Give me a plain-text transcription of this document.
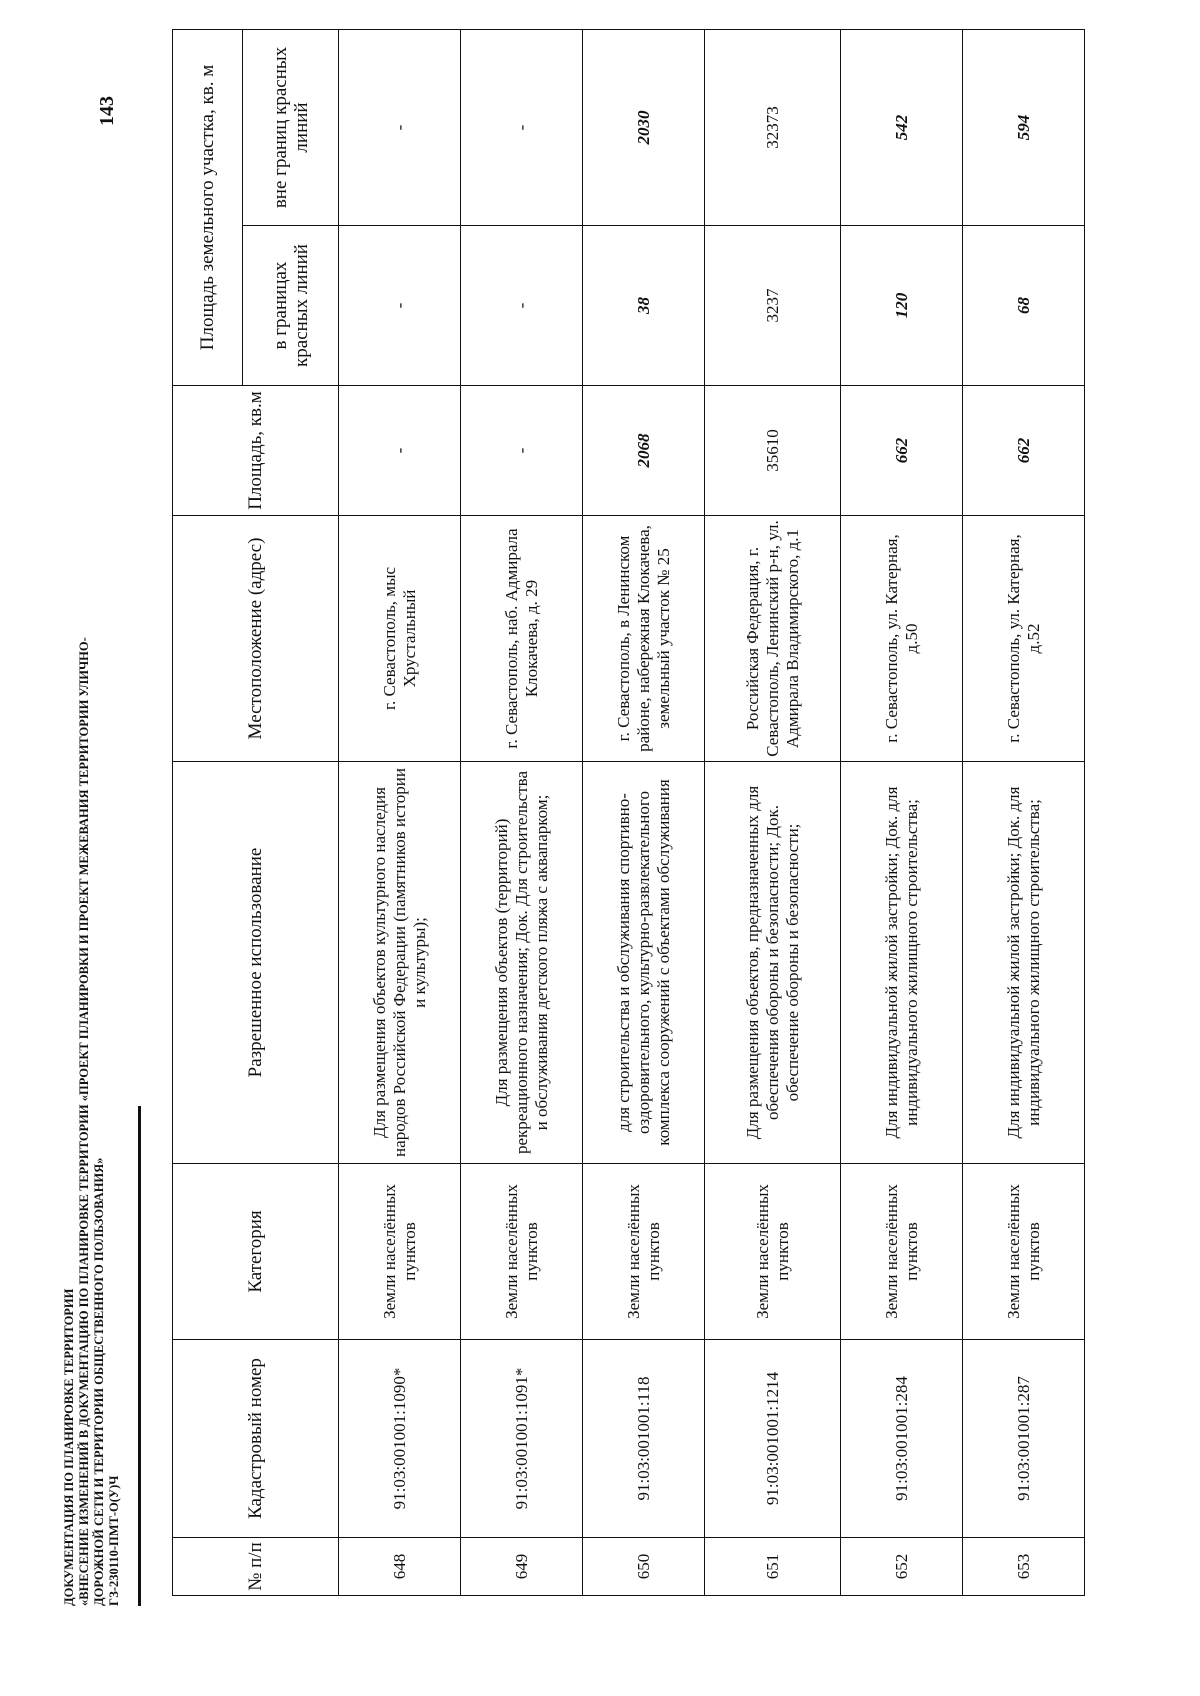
ДОКУМЕНТАЦИЯ ПО ПЛАНИРОВКЕ ТЕРРИТОРИИ «ВНЕСЕНИЕ ИЗМЕНЕНИЙ В ДОКУМЕНТАЦИЮ ПО ПЛАНИРОВКЕ ТЕРРИТОРИИ «ПРОЕКТ ПЛАНИРОВКИ И ПРОЕКТ МЕЖЕВАНИЯ ТЕРРИТОРИИ УЛИЧНО- ДОРОЖНОЙ СЕТИ И ТЕРРИТОРИИ ОБЩЕСТВЕННОГО ПОЛЬЗОВАНИЯ» ГЗ-230110-ПМТ-О(У)Ч
143
№ п/п	Кадастровый номер	Категория	Разрешенное использование	Местоположение (адрес)	Площадь, кв.м	Площадь земельного участка, кв. м	
						в границах красных линий	вне границ красных линий
648	91:03:001001:1090*	Земли населённых пунктов	Для размещения объектов культурного наследия народов Российской Федерации (памятников истории и культуры);	г. Севастополь, мыс Хрустальный	-	-	-
649	91:03:001001:1091*	Земли населённых пунктов	Для размещения объектов (территорий) рекреационного назначения; Док. Для строительства и обслуживания детского пляжа с аквапарком;	г. Севастополь, наб. Адмирала Клокачева, д. 29	-	-	-
650	91:03:001001:118	Земли населённых пунктов	для строительства и обслуживания спортивно-оздоровительного, культурно-развлекательного комплекса сооружений с объектами обслуживания	г. Севастополь, в Ленинском районе, набережная Клокачева, земельный участок № 25	2068	38	2030
651	91:03:001001:1214	Земли населённых пунктов	Для размещения объектов, предназначенных для обеспечения обороны и безопасности; Док. обеспечение обороны и безопасности;	Российская Федерация, г. Севастополь, Ленинский р-н, ул. Адмирала Владимирского, д.1	35610	3237	32373
652	91:03:001001:284	Земли населённых пунктов	Для индивидуальной жилой застройки; Док. для индивидуального жилищного строительства;	г. Севастополь, ул. Катерная, д.50	662	120	542
653	91:03:001001:287	Земли населённых пунктов	Для индивидуальной жилой застройки; Док. для индивидуального жилищного строительства;	г. Севастополь, ул. Катерная, д.52	662	68	594
